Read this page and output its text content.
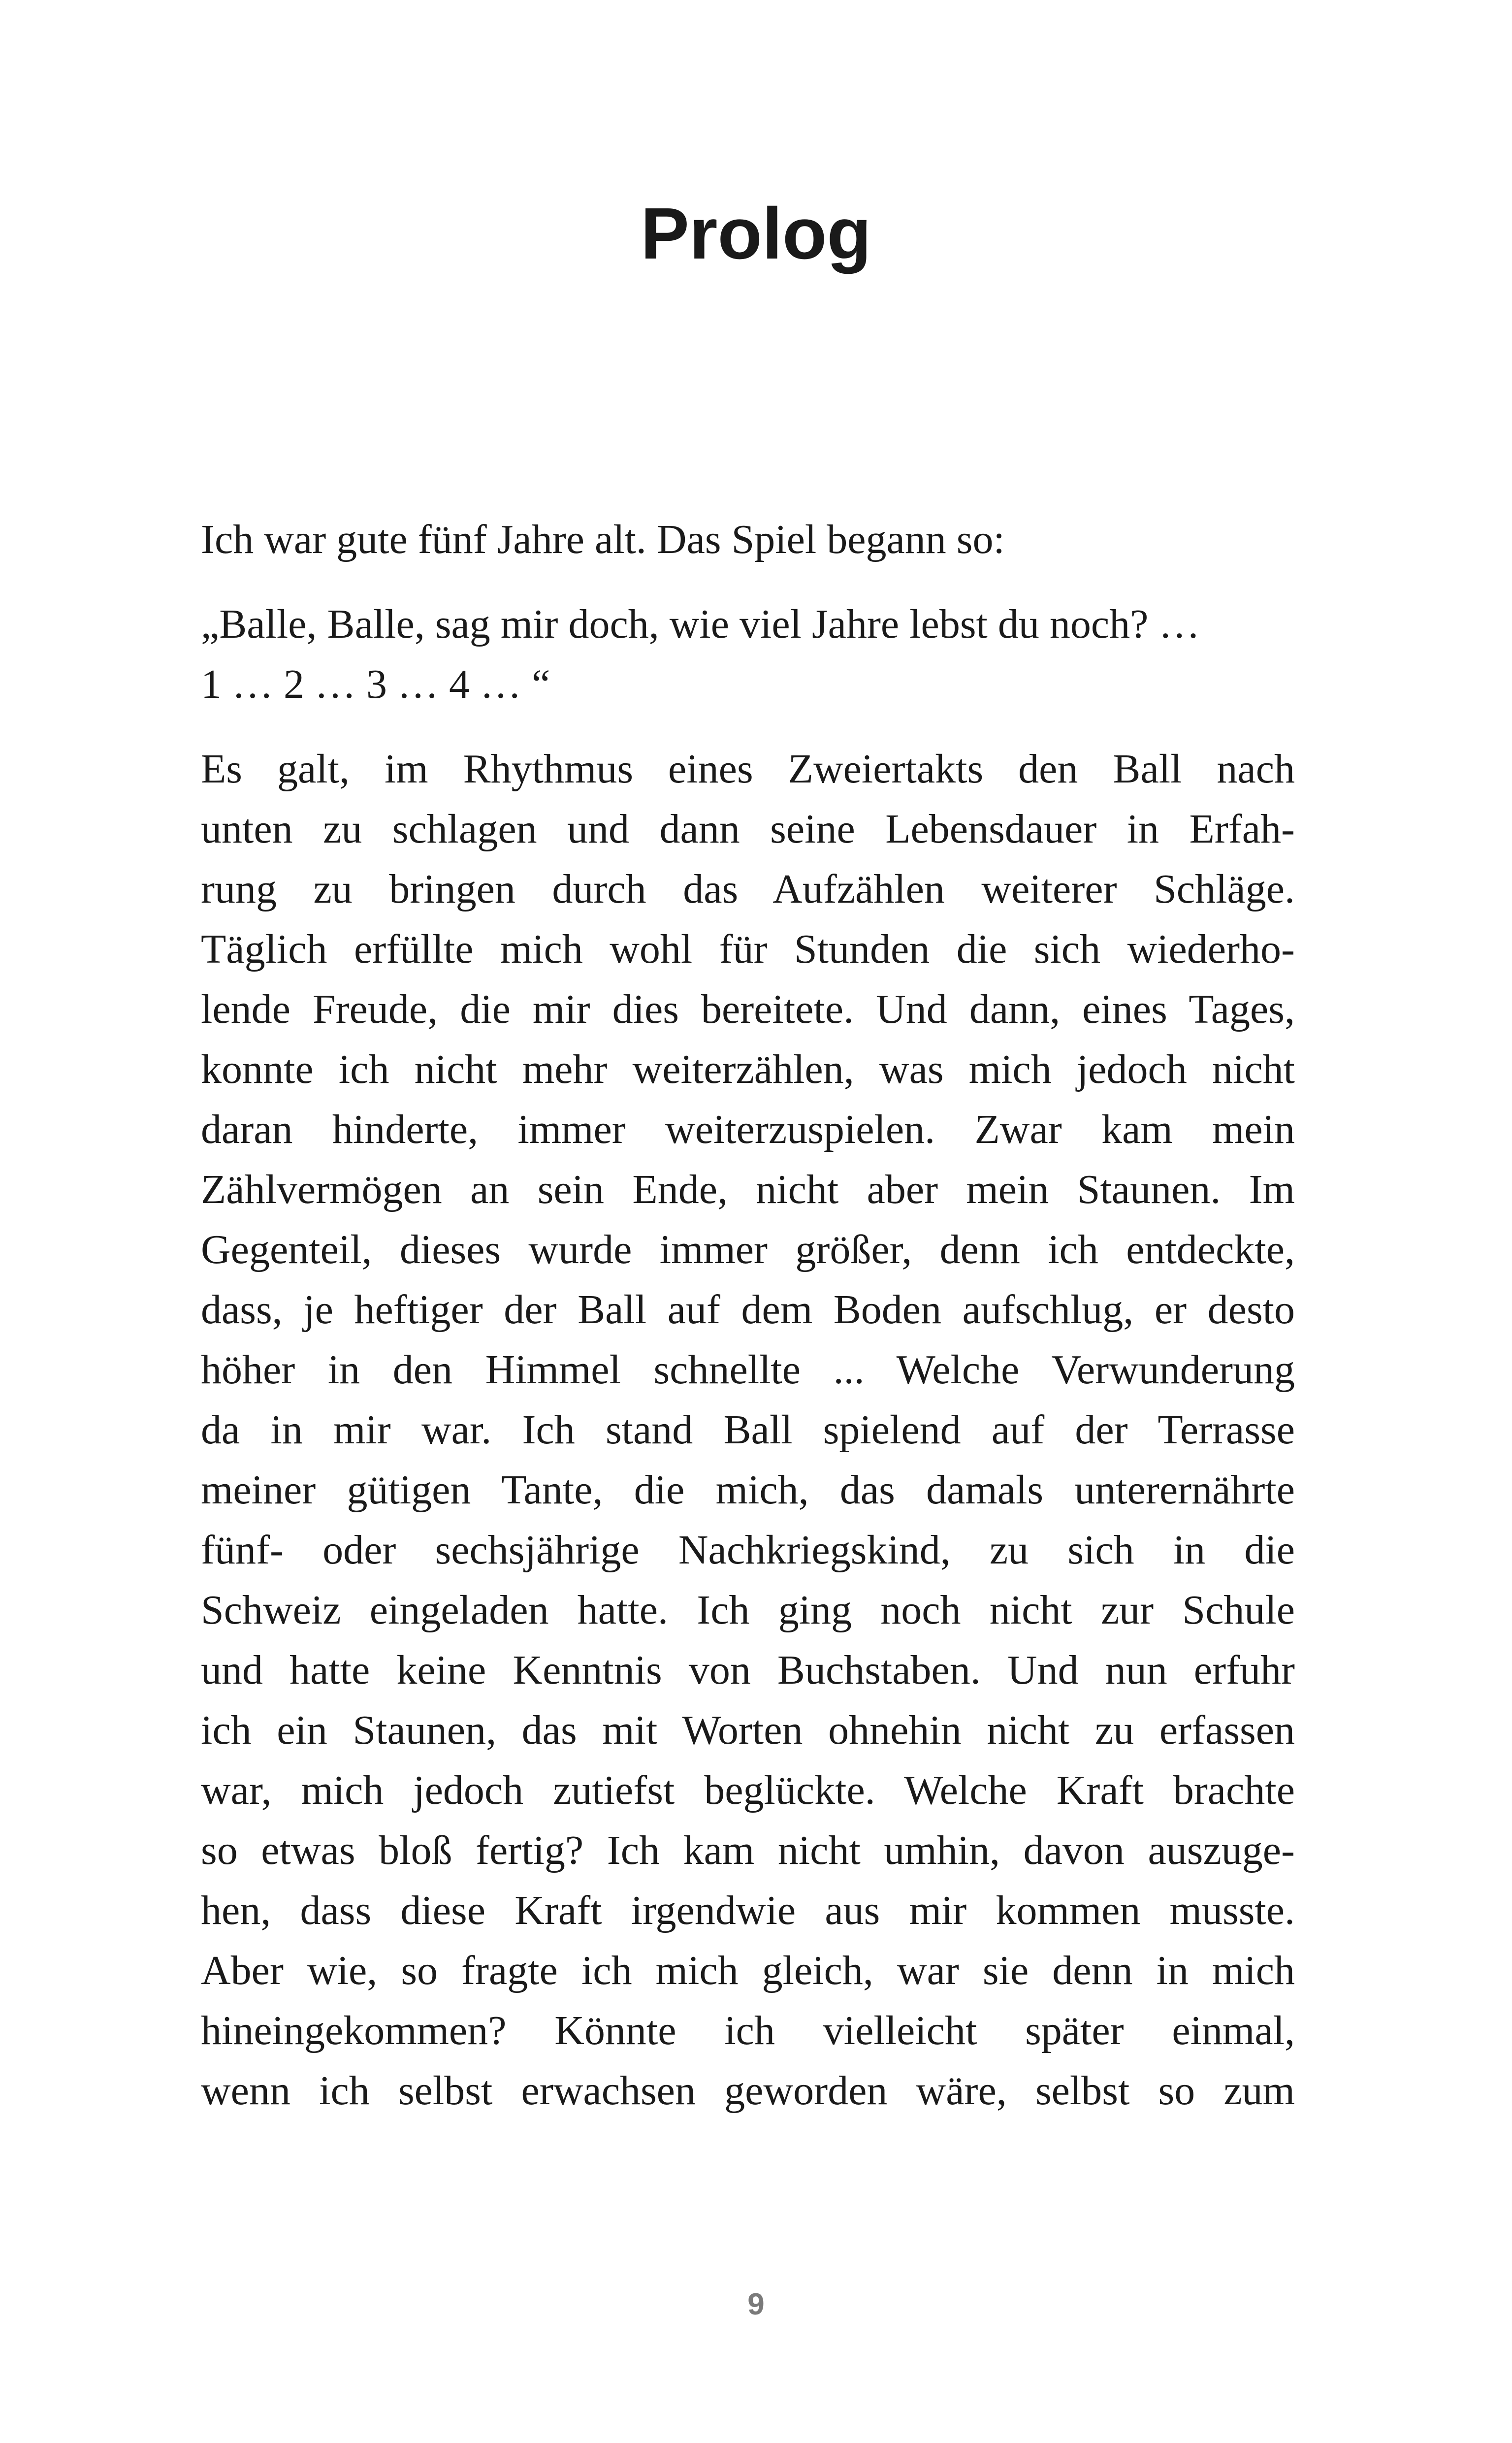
Prolog

Ich war gute fünf Jahre alt. Das Spiel begann so:

„Balle, Balle, sag mir doch, wie viel Jahre lebst du noch? …
1 … 2 … 3 … 4 … “

Es galt, im Rhythmus eines Zweiertakts den Ball nach
unten zu schlagen und dann seine Lebensdauer in Erfah-
rung zu bringen durch das Aufzählen weiterer Schläge.
Täglich erfüllte mich wohl für Stunden die sich wiederho-
lende Freude, die mir dies bereitete. Und dann, eines Tages,
konnte ich nicht mehr weiterzählen, was mich jedoch nicht
daran hinderte, immer weiterzuspielen. Zwar kam mein
Zählvermögen an sein Ende, nicht aber mein Staunen. Im
Gegenteil, dieses wurde immer größer, denn ich entdeckte,
dass, je heftiger der Ball auf dem Boden aufschlug, er desto
höher in den Himmel schnellte ... Welche Verwunderung
da in mir war. Ich stand Ball spielend auf der Terrasse
meiner gütigen Tante, die mich, das damals unterernährte
fünf- oder sechsjährige Nachkriegskind, zu sich in die
Schweiz eingeladen hatte. Ich ging noch nicht zur Schule
und hatte keine Kenntnis von Buchstaben. Und nun erfuhr
ich ein Staunen, das mit Worten ohnehin nicht zu erfassen
war, mich jedoch zutiefst beglückte. Welche Kraft brachte
so etwas bloß fertig? Ich kam nicht umhin, davon auszuge-
hen, dass diese Kraft irgendwie aus mir kommen musste.
Aber wie, so fragte ich mich gleich, war sie denn in mich
hineingekommen? Könnte ich vielleicht später einmal,
wenn ich selbst erwachsen geworden wäre, selbst so zum

9
